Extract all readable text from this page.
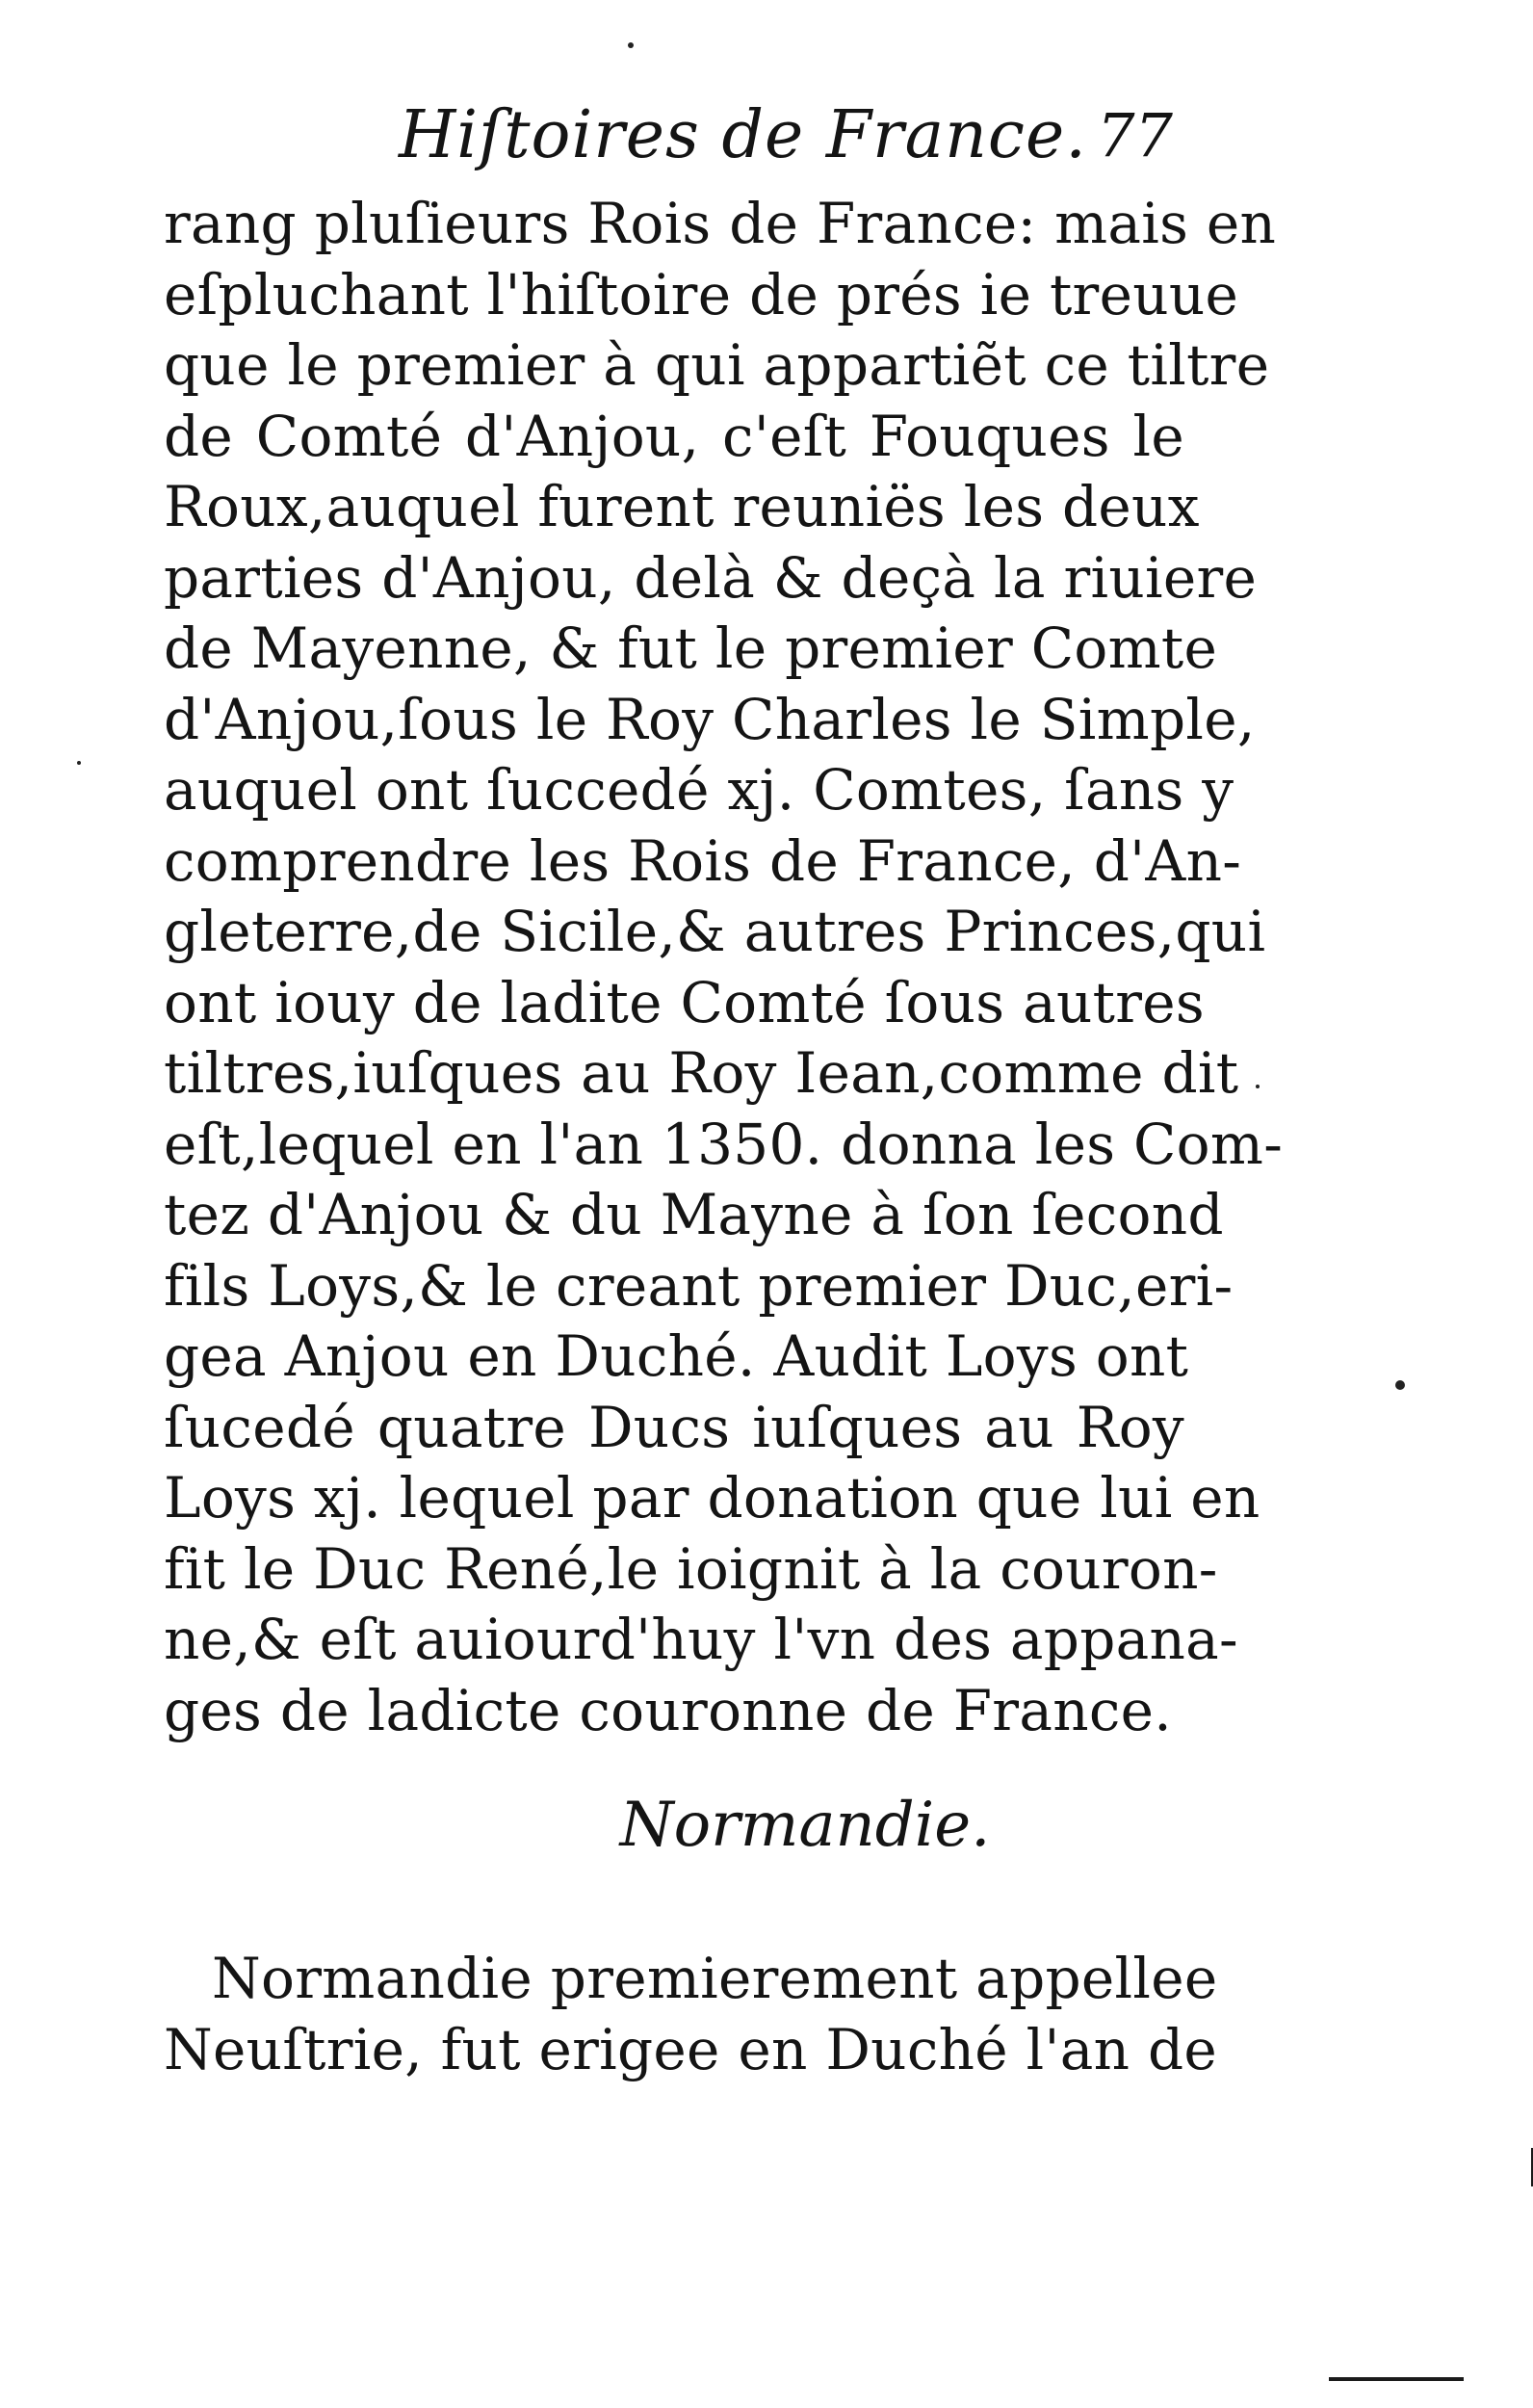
Hiſtoires de France. 77
rang pluſieurs Rois de France: mais en
eſpluchant l'hiſtoire de prés ie treuue
que le premier à qui appartiẽt ce tiltre
de Comté d'Anjou, c'eſt Fouques le
Roux,auquel furent reuniës les deux
parties d'Anjou, delà & deçà la riuiere
de Mayenne, & fut le premier Comte
d'Anjou,ſous le Roy Charles le Simple,
auquel ont ſuccedé xj. Comtes, ſans y
comprendre les Rois de France, d'An-
gleterre,de Sicile,& autres Princes,qui
ont iouy de ladite Comté ſous autres
tiltres,iuſques au Roy Iean,comme dit
eſt,lequel en l'an 1350. donna les Com-
tez d'Anjou & du Mayne à ſon ſecond
fils Loys,& le creant premier Duc,eri-
gea Anjou en Duché. Audit Loys ont
ſucedé quatre Ducs iuſques au Roy
Loys xj. lequel par donation que lui en
fit le Duc René,le ioignit à la couron-
ne,& eſt auiourd'huy l'vn des appana-
ges de ladicte couronne de France.
Normandie.
Normandie premierement appellee
Neuſtrie, fut erigee en Duché l'an de
